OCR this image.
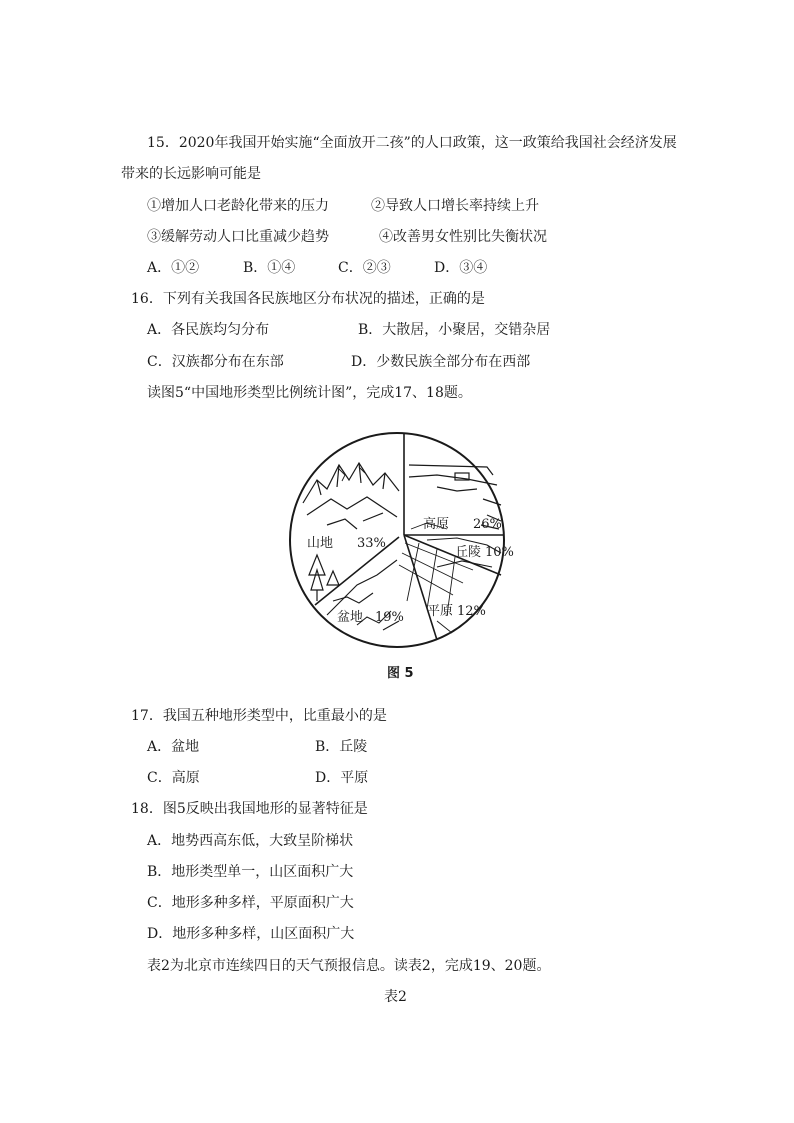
15．2020年我国开始实施“全面放开二孩”的人口政策，这一政策给我国社会经济发展
带来的长远影响可能是
①增加人口老龄化带来的压力	②导致人口增长率持续上升
③缓解劳动人口比重减少趋势	④改善男女性别比失衡状况
A．①②	B．①④	C．②③	D．③④
16．下列有关我国各民族地区分布状况的描述，正确的是
A．各民族均匀分布	B．大散居，小聚居，交错杂居
C．汉族都分布在东部	D．少数民族全部分布在西部
读图5“中国地形类型比例统计图”，完成17、18题。
山地 33%
高原 26%
丘陵 10%
平原 12%
盆地 19%
图 5
17．我国五种地形类型中，比重最小的是
A．盆地	B．丘陵
C．高原	D．平原
18．图5反映出我国地形的显著特征是
A．地势西高东低，大致呈阶梯状
B．地形类型单一，山区面积广大
C．地形多种多样，平原面积广大
D．地形多种多样，山区面积广大
表2为北京市连续四日的天气预报信息。读表2，完成19、20题。
表2
